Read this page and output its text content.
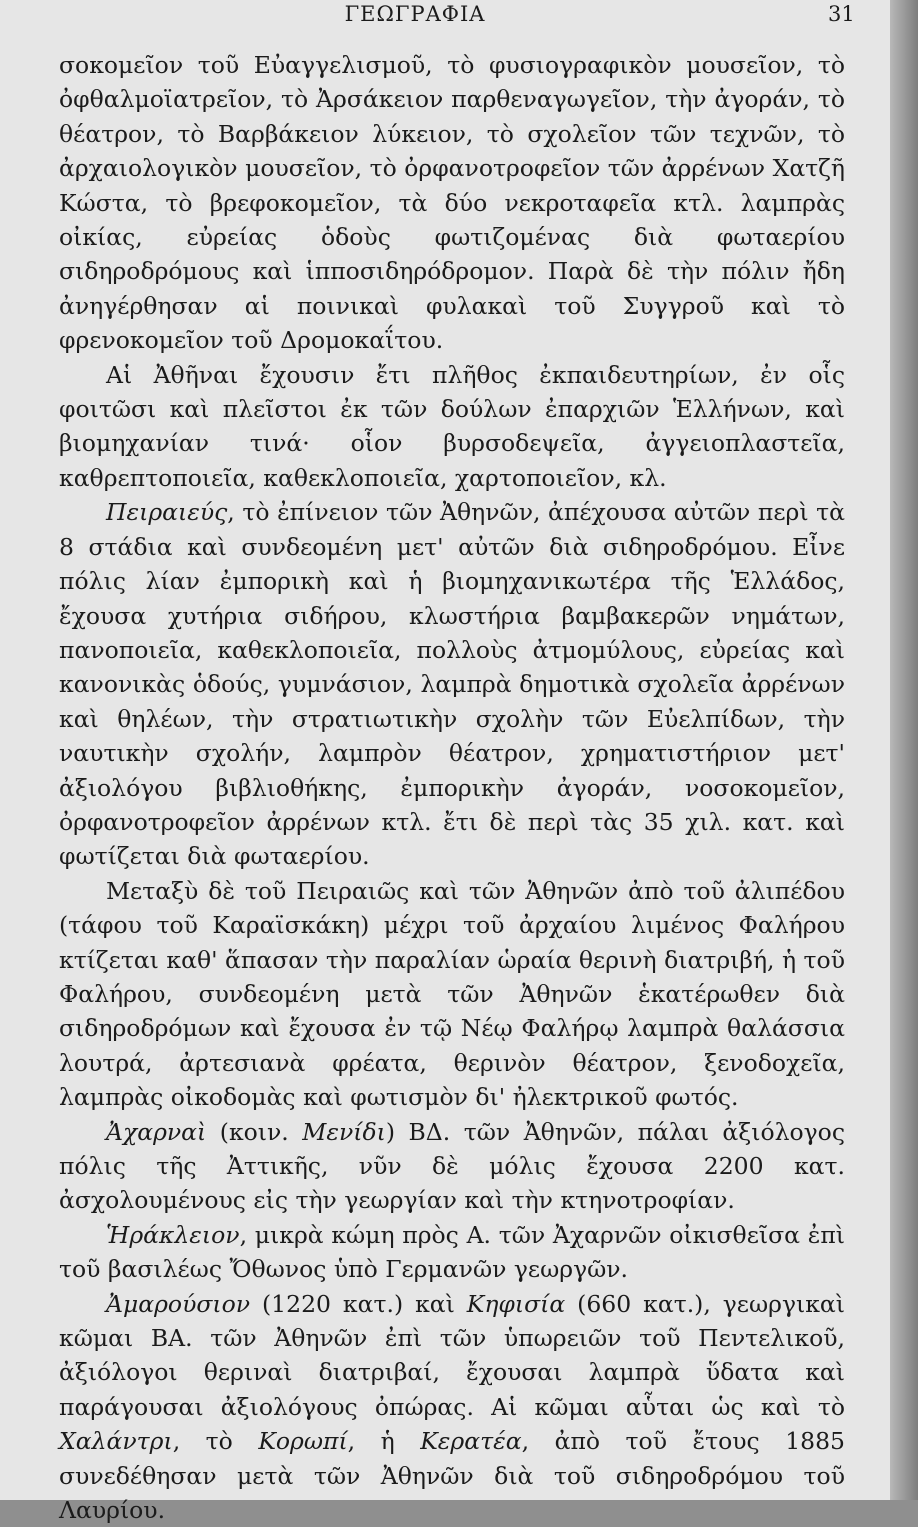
ΓΕΩΓΡΑΦΙΑ	31

σοκομεῖον τοῦ Εὐαγγελισμοῦ, τὸ φυσιογραφικὸν μουσεῖον, τὸ ὀφθαλμοϊατρεῖον, τὸ Ἀρσάκειον παρθεναγωγεῖον, τὴν ἀγοράν, τὸ θέατρον, τὸ Βαρβάκειον λύκειον, τὸ σχολεῖον τῶν τεχνῶν, τὸ ἀρχαιολογικὸν μουσεῖον, τὸ ὀρφανοτροφεῖον τῶν ἀρρένων Χατζῆ Κώστα, τὸ βρεφοκομεῖον, τὰ δύο νεκροταφεῖα κτλ. λαμπρὰς οἰκίας, εὐρείας ὁδοὺς φωτιζομένας διὰ φωταερίου σιδηροδρόμους καὶ ἱπποσιδηρόδρομον. Παρὰ δὲ τὴν πόλιν ἤδη ἀνηγέρθησαν αἱ ποινικαὶ φυλακαὶ τοῦ Συγγροῦ καὶ τὸ φρενοκομεῖον τοῦ Δρομοκαΐτου.

Αἱ Ἀθῆναι ἔχουσιν ἔτι πλῆθος ἐκπαιδευτηρίων, ἐν οἷς φοιτῶσι καὶ πλεῖστοι ἐκ τῶν δούλων ἐπαρχιῶν Ἑλλήνων, καὶ βιομηχανίαν τινά· οἷον βυρσοδεψεῖα, ἀγγειοπλαστεῖα, καθρεπτοποιεῖα, καθεκλοποιεῖα, χαρτοποιεῖον, κλ.

Πειραιεύς, τὸ ἐπίνειον τῶν Ἀθηνῶν, ἀπέχουσα αὐτῶν περὶ τὰ 8 στάδια καὶ συνδεομένη μετ' αὐτῶν διὰ σιδηροδρόμου. Εἶνε πόλις λίαν ἐμπορικὴ καὶ ἡ βιομηχανικωτέρα τῆς Ἑλλάδος, ἔχουσα χυτήρια σιδήρου, κλωστήρια βαμβακερῶν νημάτων, πανοποιεῖα, καθεκλοποιεῖα, πολλοὺς ἀτμομύλους, εὐρείας καὶ κανονικὰς ὁδούς, γυμνάσιον, λαμπρὰ δημοτικὰ σχολεῖα ἀρρένων καὶ θηλέων, τὴν στρατιωτικὴν σχολὴν τῶν Εὐελπίδων, τὴν ναυτικὴν σχολήν, λαμπρὸν θέατρον, χρηματιστήριον μετ' ἀξιολόγου βιβλιοθήκης, ἐμπορικὴν ἀγοράν, νοσοκομεῖον, ὀρφανοτροφεῖον ἀρρένων κτλ. ἔτι δὲ περὶ τὰς 35 χιλ. κατ. καὶ φωτίζεται διὰ φωταερίου.

Μεταξὺ δὲ τοῦ Πειραιῶς καὶ τῶν Ἀθηνῶν ἀπὸ τοῦ ἀλιπέδου (τάφου τοῦ Καραϊσκάκη) μέχρι τοῦ ἀρχαίου λιμένος Φαλήρου κτίζεται καθ' ἅπασαν τὴν παραλίαν ὡραία θερινὴ διατριβή, ἡ τοῦ Φαλήρου, συνδεομένη μετὰ τῶν Ἀθηνῶν ἑκατέρωθεν διὰ σιδηροδρόμων καὶ ἔχουσα ἐν τῷ Νέῳ Φαλήρῳ λαμπρὰ θαλάσσια λουτρά, ἀρτεσιανὰ φρέατα, θερινὸν θέατρον, ξενοδοχεῖα, λαμπρὰς οἰκοδομὰς καὶ φωτισμὸν δι' ἠλεκτρικοῦ φωτός.

Ἀχαρναὶ (κοιν. Μενίδι) ΒΔ. τῶν Ἀθηνῶν, πάλαι ἀξιόλογος πόλις τῆς Ἀττικῆς, νῦν δὲ μόλις ἔχουσα 2200 κατ. ἀσχολουμένους εἰς τὴν γεωργίαν καὶ τὴν κτηνοτροφίαν.

Ἡράκλειον, μικρὰ κώμη πρὸς Α. τῶν Ἀχαρνῶν οἰκισθεῖσα ἐπὶ τοῦ βασιλέως Ὄθωνος ὑπὸ Γερμανῶν γεωργῶν.

Ἀμαρούσιον (1220 κατ.) καὶ Κηφισία (660 κατ.), γεωργικαὶ κῶμαι ΒΑ. τῶν Ἀθηνῶν ἐπὶ τῶν ὑπωρειῶν τοῦ Πεντελικοῦ, ἀξιόλογοι θεριναὶ διατριβαί, ἔχουσαι λαμπρὰ ὕδατα καὶ παράγουσαι ἀξιολόγους ὀπώρας. Αἱ κῶμαι αὗται ὡς καὶ τὸ Χαλάντρι, τὸ Κορωπί, ἡ Κερατέα, ἀπὸ τοῦ ἔτους 1885 συνεδέθησαν μετὰ τῶν Ἀθηνῶν διὰ τοῦ σιδηροδρόμου τοῦ Λαυρίου.
